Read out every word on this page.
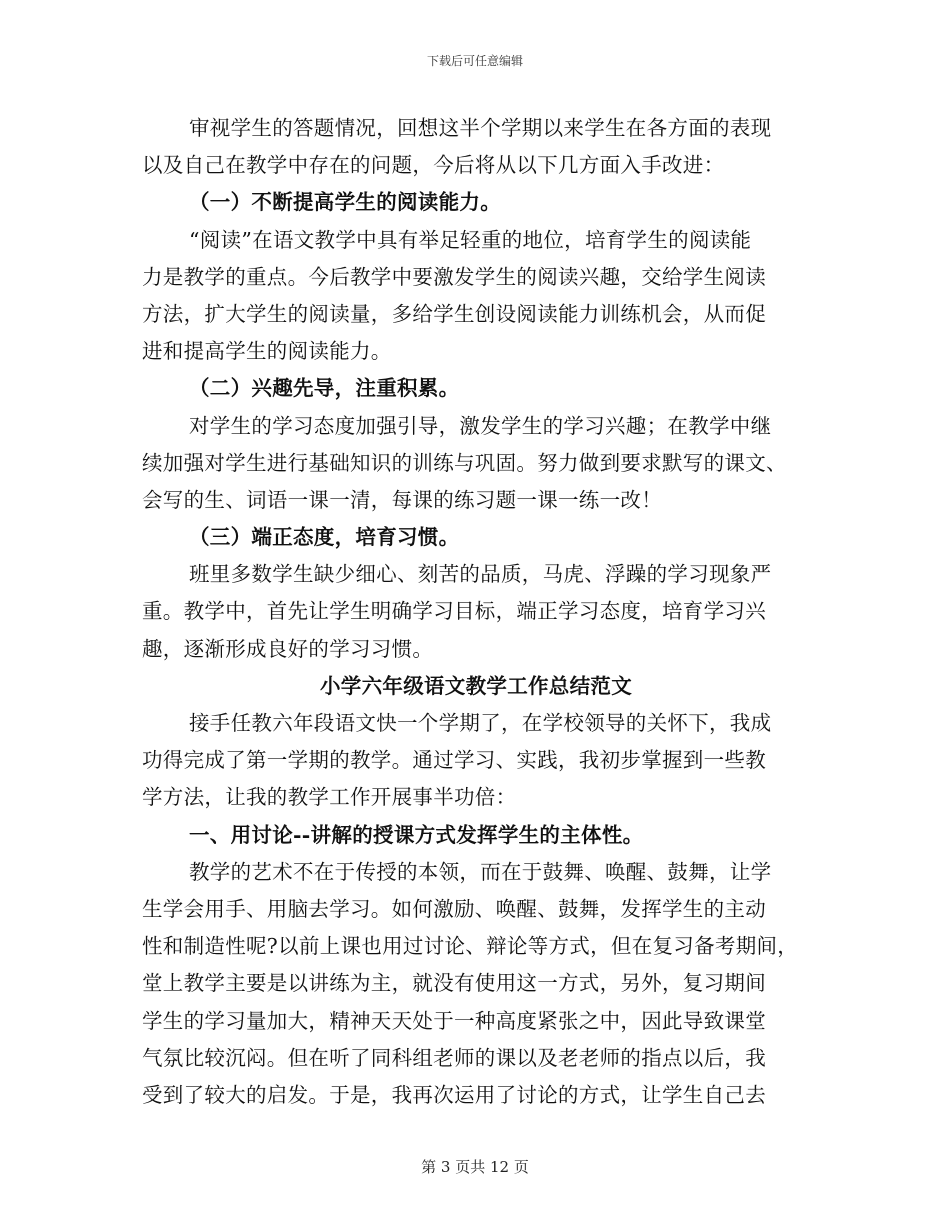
下载后可任意编辑
审视学生的答题情况，回想这半个学期以来学生在各方面的表现
以及自己在教学中存在的问题，今后将从以下几方面入手改进：
（一）不断提高学生的阅读能力。
“阅读”在语文教学中具有举足轻重的地位，培育学生的阅读能
力是教学的重点。今后教学中要激发学生的阅读兴趣，交给学生阅读
方法，扩大学生的阅读量，多给学生创设阅读能力训练机会，从而促
进和提高学生的阅读能力。
（二）兴趣先导，注重积累。
对学生的学习态度加强引导，激发学生的学习兴趣；在教学中继
续加强对学生进行基础知识的训练与巩固。努力做到要求默写的课文、
会写的生、词语一课一清，每课的练习题一课一练一改！
（三）端正态度，培育习惯。
班里多数学生缺少细心、刻苦的品质，马虎、浮躁的学习现象严
重。教学中，首先让学生明确学习目标，端正学习态度，培育学习兴
趣，逐渐形成良好的学习习惯。
小学六年级语文教学工作总结范文
接手任教六年段语文快一个学期了，在学校领导的关怀下，我成
功得完成了第一学期的教学。通过学习、实践，我初步掌握到一些教
学方法，让我的教学工作开展事半功倍：
一、用讨论--讲解的授课方式发挥学生的主体性。
教学的艺术不在于传授的本领，而在于鼓舞、唤醒、鼓舞，让学
生学会用手、用脑去学习。如何激励、唤醒、鼓舞，发挥学生的主动
性和制造性呢?以前上课也用过讨论、辩论等方式，但在复习备考期间，
堂上教学主要是以讲练为主，就没有使用这一方式，另外，复习期间
学生的学习量加大，精神天天处于一种高度紧张之中，因此导致课堂
气氛比较沉闷。但在听了同科组老师的课以及老老师的指点以后，我
受到了较大的启发。于是，我再次运用了讨论的方式，让学生自己去
第 3 页共 12 页
